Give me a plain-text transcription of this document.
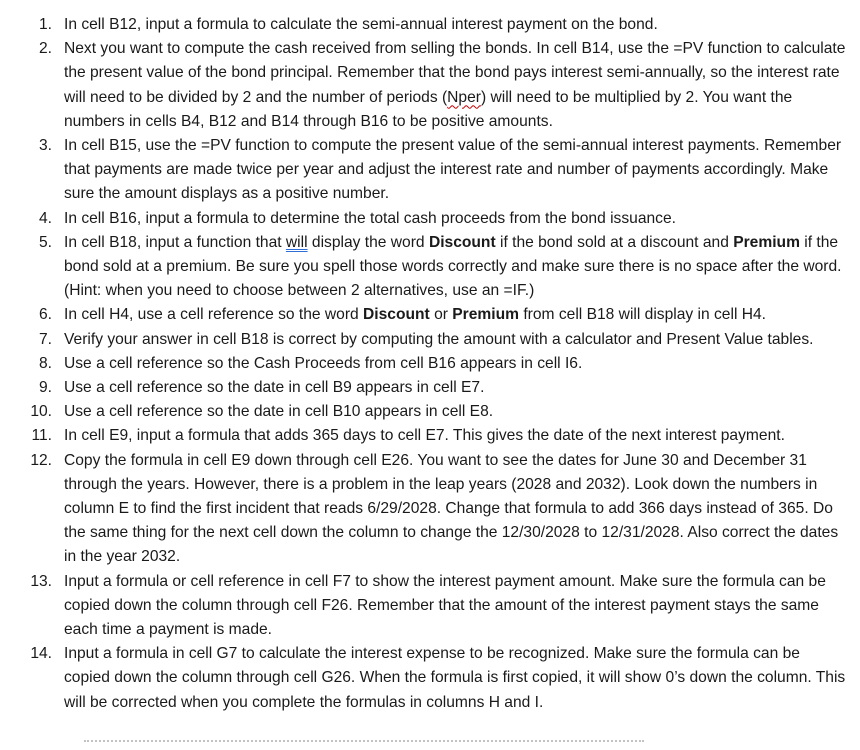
1. In cell B12, input a formula to calculate the semi-annual interest payment on the bond.

2. Next you want to compute the cash received from selling the bonds. In cell B14, use the =PV function to calculate the present value of the bond principal. Remember that the bond pays interest semi-annually, so the interest rate will need to be divided by 2 and the number of periods (Nper) will need to be multiplied by 2. You want the numbers in cells B4, B12 and B14 through B16 to be positive amounts.

3. In cell B15, use the =PV function to compute the present value of the semi-annual interest payments. Remember that payments are made twice per year and adjust the interest rate and number of payments accordingly. Make sure the amount displays as a positive number.

4. In cell B16, input a formula to determine the total cash proceeds from the bond issuance.

5. In cell B18, input a function that will display the word Discount if the bond sold at a discount and Premium if the bond sold at a premium. Be sure you spell those words correctly and make sure there is no space after the word. (Hint: when you need to choose between 2 alternatives, use an =IF.)

6. In cell H4, use a cell reference so the word Discount or Premium from cell B18 will display in cell H4.

7. Verify your answer in cell B18 is correct by computing the amount with a calculator and Present Value tables.

8. Use a cell reference so the Cash Proceeds from cell B16 appears in cell I6.

9. Use a cell reference so the date in cell B9 appears in cell E7.

10. Use a cell reference so the date in cell B10 appears in cell E8.

11. In cell E9, input a formula that adds 365 days to cell E7. This gives the date of the next interest payment.

12. Copy the formula in cell E9 down through cell E26. You want to see the dates for June 30 and December 31 through the years. However, there is a problem in the leap years (2028 and 2032). Look down the numbers in column E to find the first incident that reads 6/29/2028. Change that formula to add 366 days instead of 365. Do the same thing for the next cell down the column to change the 12/30/2028 to 12/31/2028. Also correct the dates in the year 2032.

13. Input a formula or cell reference in cell F7 to show the interest payment amount. Make sure the formula can be copied down the column through cell F26. Remember that the amount of the interest payment stays the same each time a payment is made.

14. Input a formula in cell G7 to calculate the interest expense to be recognized. Make sure the formula can be copied down the column through cell G26. When the formula is first copied, it will show 0’s down the column. This will be corrected when you complete the formulas in columns H and I.
